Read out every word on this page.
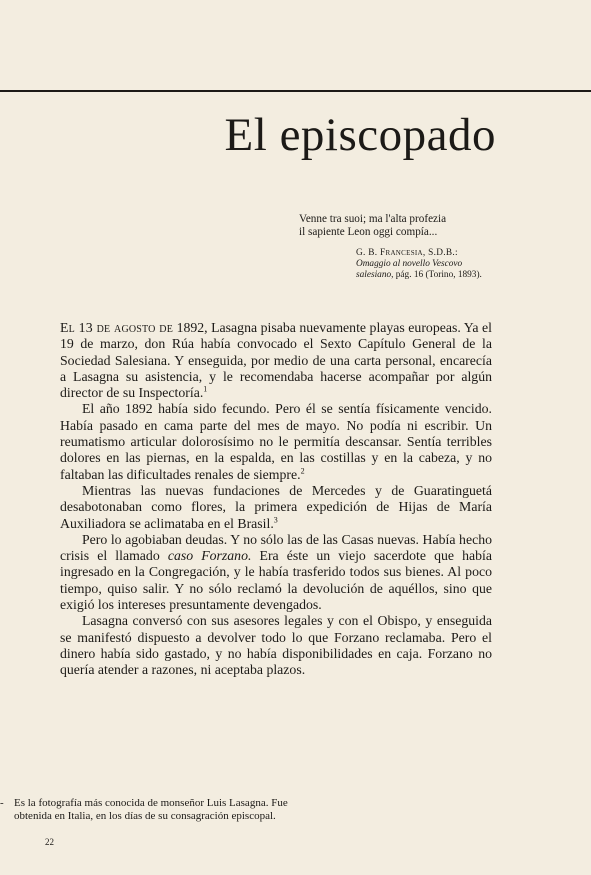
El episcopado
Venne tra suoi; ma l'alta profezia
il sapiente Leon oggi compía...
G. B. Francesia, S.D.B.:
Omaggio al novello Vescovo salesiano, pág. 16 (Torino, 1893).

El 13 de agosto de 1892, Lasagna pisaba nuevamente playas europeas. Ya el 19 de marzo, don Rúa había convocado el Sexto Capítulo General de la Sociedad Salesiana. Y enseguida, por medio de una carta personal, encarecía a Lasagna su asistencia, y le recomendaba hacerse acompañar por algún director de su Inspectoría.$^1$

El año 1892 había sido fecundo. Pero él se sentía físicamente vencido. Había pasado en cama parte del mes de mayo. No podía ni escribir. Un reumatismo articular dolorosísimo no le permitía descansar. Sentía terribles dolores en las piernas, en la espalda, en las costillas y en la cabeza, y no faltaban las dificultades renales de siempre.$^2$

Mientras las nuevas fundaciones de Mercedes y de Guaratinguetá desabotonaban como flores, la primera expedición de Hijas de María Auxiliadora se aclimataba en el Brasil.$^3$

Pero lo agobiaban deudas. Y no sólo las de las Casas nuevas. Había hecho crisis el llamado caso Forzano. Era éste un viejo sacerdote que había ingresado en la Congregación, y le había trasferido todos sus bienes. Al poco tiempo, quiso salir. Y no sólo reclamó la devolución de aquéllos, sino que exigió los intereses presuntamente devengados.

Lasagna conversó con sus asesores legales y con el Obispo, y enseguida se manifestó dispuesto a devolver todo lo que Forzano reclamaba. Pero el dinero había sido gastado, y no había disponibilidades en caja. Forzano no quería atender a razones, ni aceptaba plazos.

- Es la fotografía más conocida de monseñor Luis Lasagna. Fue
obtenida en Italia, en los días de su consagración episcopal.
22
